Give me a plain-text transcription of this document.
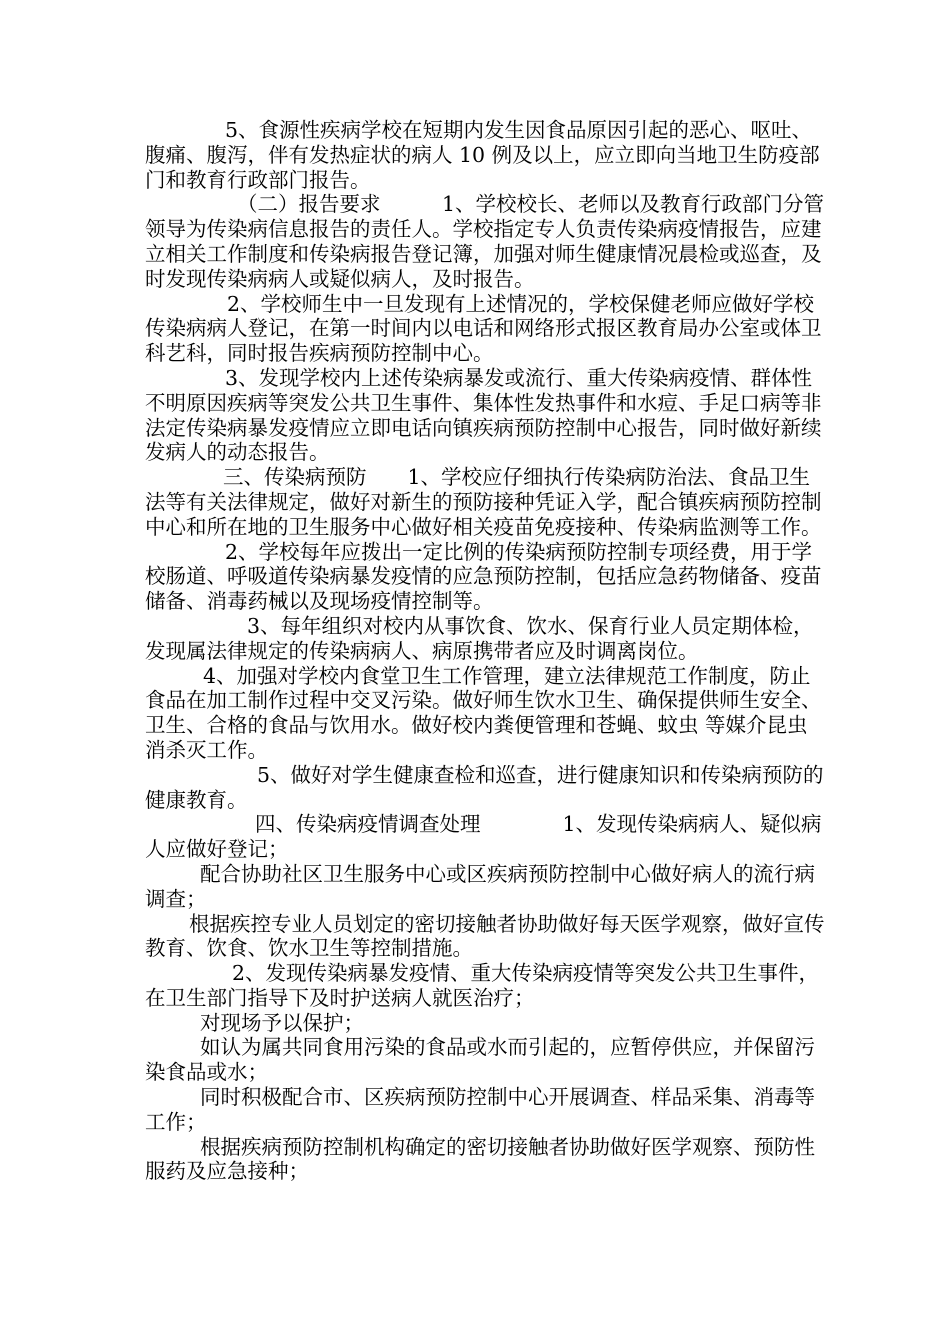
5、食源性疾病学校在短期内发生因食品原因引起的恶心、呕吐、腹痛、腹泻，伴有发热症状的病人 10 例及以上，应立即向当地卫生防疫部门和教育行政部门报告。

（二）报告要求　　　1、学校校长、老师以及教育行政部门分管领导为传染病信息报告的责任人。学校指定专人负责传染病疫情报告，应建立相关工作制度和传染病报告登记簿，加强对师生健康情况晨检或巡查，及时发现传染病病人或疑似病人，及时报告。

2、学校师生中一旦发现有上述情况的，学校保健老师应做好学校传染病病人登记，在第一时间内以电话和网络形式报区教育局办公室或体卫科艺科，同时报告疾病预防控制中心。

3、发现学校内上述传染病暴发或流行、重大传染病疫情、群体性不明原因疾病等突发公共卫生事件、集体性发热事件和水痘、手足口病等非法定传染病暴发疫情应立即电话向镇疾病预防控制中心报告，同时做好新续发病人的动态报告。

三、传染病预防　　1、学校应仔细执行传染病防治法、食品卫生法等有关法律规定，做好对新生的预防接种凭证入学，配合镇疾病预防控制中心和所在地的卫生服务中心做好相关疫苗免疫接种、传染病监测等工作。

2、学校每年应拨出一定比例的传染病预防控制专项经费，用于学校肠道、呼吸道传染病暴发疫情的应急预防控制，包括应急药物储备、疫苗储备、消毒药械以及现场疫情控制等。

3、每年组织对校内从事饮食、饮水、保育行业人员定期体检，发现属法律规定的传染病病人、病原携带者应及时调离岗位。

4、加强对学校内食堂卫生工作管理，建立法律规范工作制度，防止食品在加工制作过程中交叉污染。做好师生饮水卫生、确保提供师生安全、卫生、合格的食品与饮用水。做好校内粪便管理和苍蝇、蚊虫 等媒介昆虫消杀灭工作。

5、做好对学生健康查检和巡查，进行健康知识和传染病预防的 健康教育。

四、传染病疫情调查处理　　　　1、发现传染病病人、疑似病人应做好登记；

配合协助社区卫生服务中心或区疾病预防控制中心做好病人的流行病调查；

根据疾控专业人员划定的密切接触者协助做好每天医学观察，做好宣传教育、饮食、饮水卫生等控制措施。

2、发现传染病暴发疫情、重大传染病疫情等突发公共卫生事件，在卫生部门指导下及时护送病人就医治疗；

对现场予以保护；

如认为属共同食用污染的食品或水而引起的，应暂停供应，并保留污染食品或水；

同时积极配合市、区疾病预防控制中心开展调查、样品采集、消毒等工作；

根据疾病预防控制机构确定的密切接触者协助做好医学观察、预防性服药及应急接种；
